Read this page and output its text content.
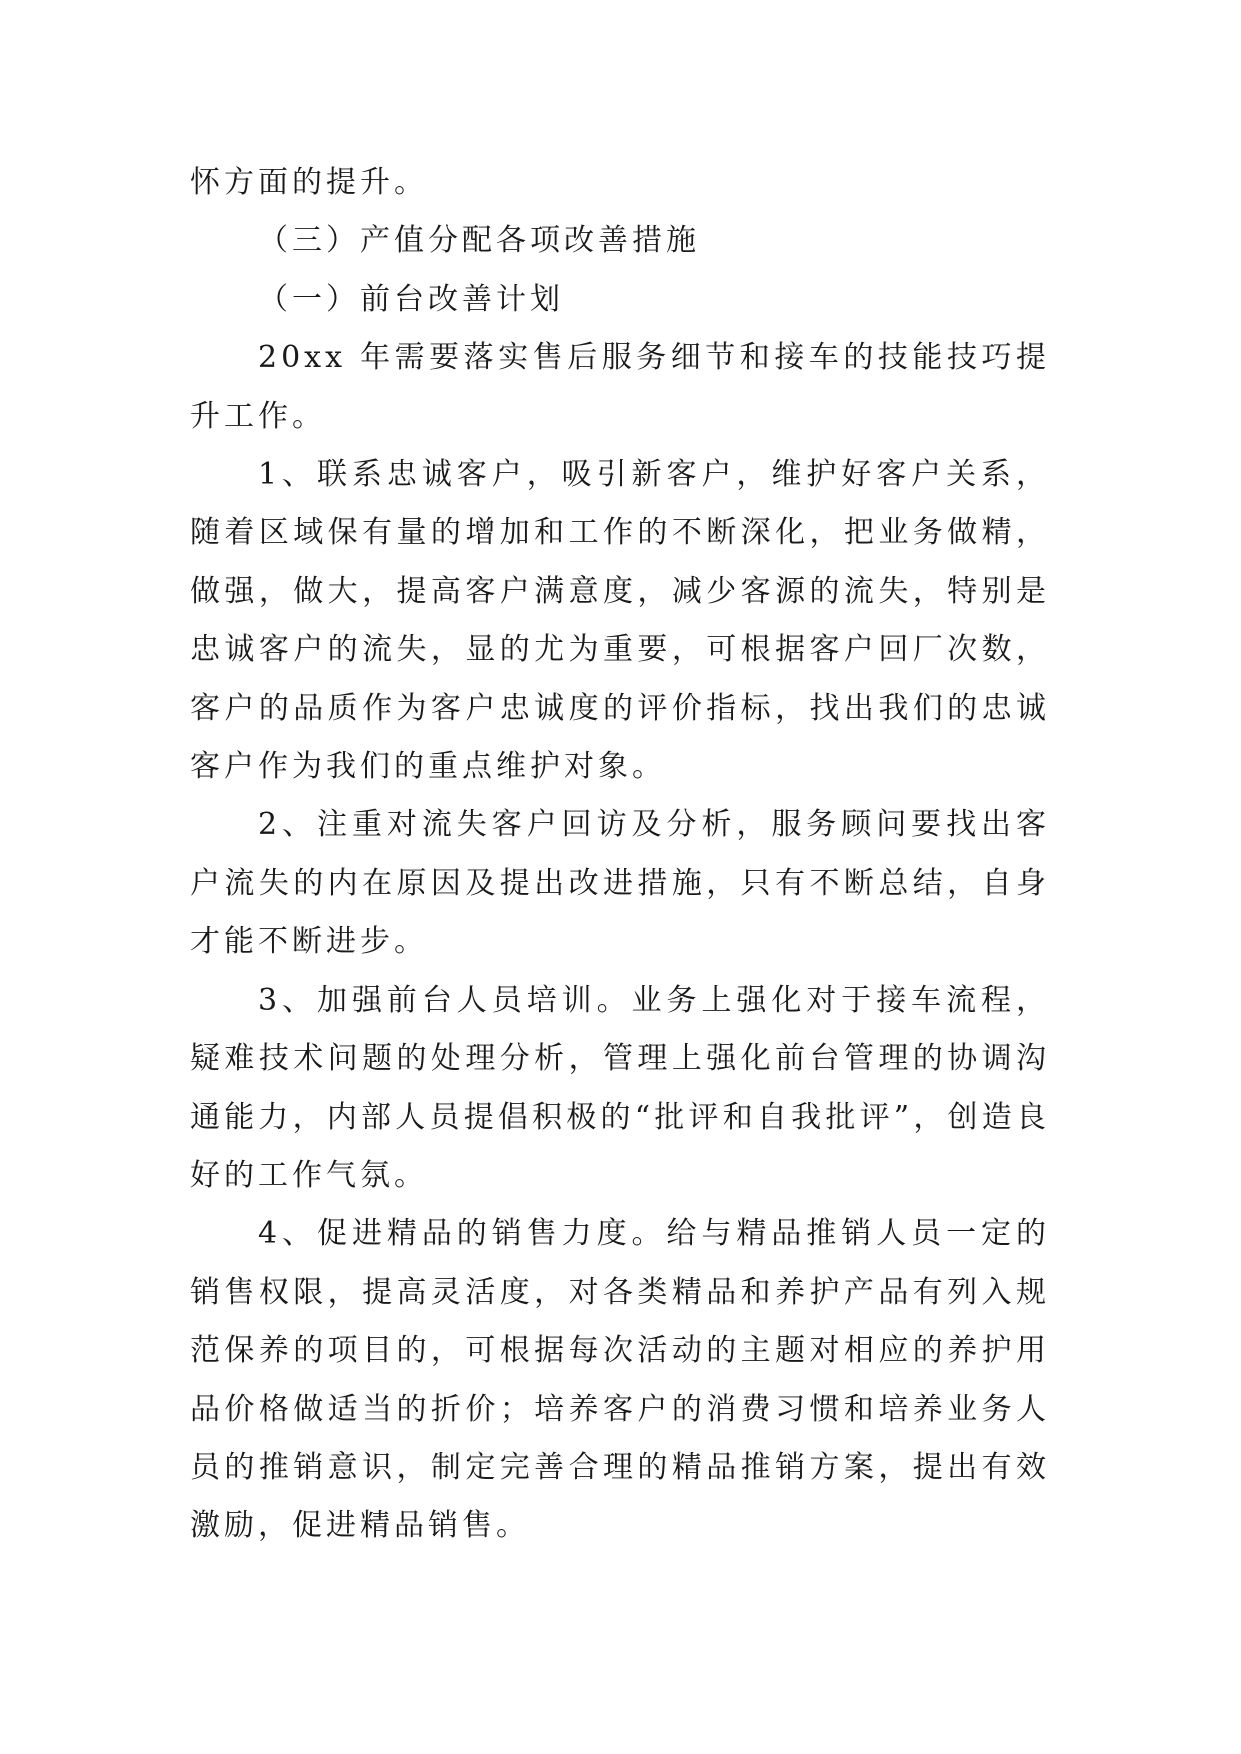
怀方面的提升。

（三）产值分配各项改善措施

（一）前台改善计划

20xx 年需要落实售后服务细节和接车的技能技巧提升工作。

1、联系忠诚客户，吸引新客户，维护好客户关系，随着区域保有量的增加和工作的不断深化，把业务做精，做强，做大，提高客户满意度，减少客源的流失，特别是忠诚客户的流失，显的尤为重要，可根据客户回厂次数，客户的品质作为客户忠诚度的评价指标，找出我们的忠诚客户作为我们的重点维护对象。

2、注重对流失客户回访及分析，服务顾问要找出客户流失的内在原因及提出改进措施，只有不断总结，自身才能不断进步。

3、加强前台人员培训。业务上强化对于接车流程，疑难技术问题的处理分析，管理上强化前台管理的协调沟通能力，内部人员提倡积极的“批评和自我批评”，创造良好的工作气氛。

4、促进精品的销售力度。给与精品推销人员一定的销售权限，提高灵活度，对各类精品和养护产品有列入规范保养的项目的，可根据每次活动的主题对相应的养护用品价格做适当的折价；培养客户的消费习惯和培养业务人员的推销意识，制定完善合理的精品推销方案，提出有效激励，促进精品销售。
